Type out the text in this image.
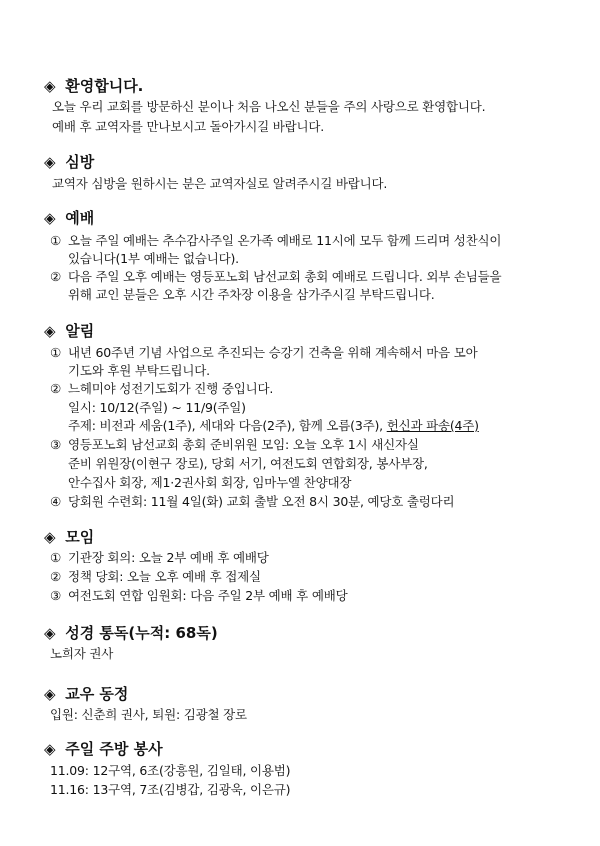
◈ 환영합니다.
오늘 우리 교회를 방문하신 분이나 처음 나오신 분들을 주의 사랑으로 환영합니다.
예배 후 교역자를 만나보시고 돌아가시길 바랍니다.
◈ 심방
교역자 심방을 원하시는 분은 교역자실로 알려주시길 바랍니다.
◈ 예배
① 오늘 주일 예배는 추수감사주일 온가족 예배로 11시에 모두 함께 드리며 성찬식이
있습니다(1부 예배는 없습니다).
② 다음 주일 오후 예배는 영등포노회 남선교회 총회 예배로 드립니다. 외부 손님들을
위해 교인 분들은 오후 시간 주차장 이용을 삼가주시길 부탁드립니다.
◈ 알림
① 내년 60주년 기념 사업으로 추진되는 승강기 건축을 위해 계속해서 마음 모아
기도와 후원 부탁드립니다.
② 느헤미야 성전기도회가 진행 중입니다.
일시: 10/12(주일) ~ 11/9(주일)
주제: 비전과 세움(1주), 세대와 다음(2주), 함께 오름(3주), 헌신과 파송(4주)
③ 영등포노회 남선교회 총회 준비위원 모임: 오늘 오후 1시 새신자실
준비 위원장(이현구 장로), 당회 서기, 여전도회 연합회장, 봉사부장,
안수집사 회장, 제1·2권사회 회장, 임마누엘 찬양대장
④ 당회원 수련회: 11월 4일(화) 교회 출발 오전 8시 30분, 예당호 출렁다리
◈ 모임
① 기관장 회의: 오늘 2부 예배 후 예배당
② 정책 당회: 오늘 오후 예배 후 접제실
③ 여전도회 연합 임원회: 다음 주일 2부 예배 후 예배당
◈ 성경 통독(누적: 68독)
노희자 권사
◈ 교우 동정
입원: 신춘희 권사, 퇴원: 김광철 장로
◈ 주일 주방 봉사
11.09: 12구역, 6조(강흥원, 김일태, 이용범)
11.16: 13구역, 7조(김병갑, 김광욱, 이은규)
